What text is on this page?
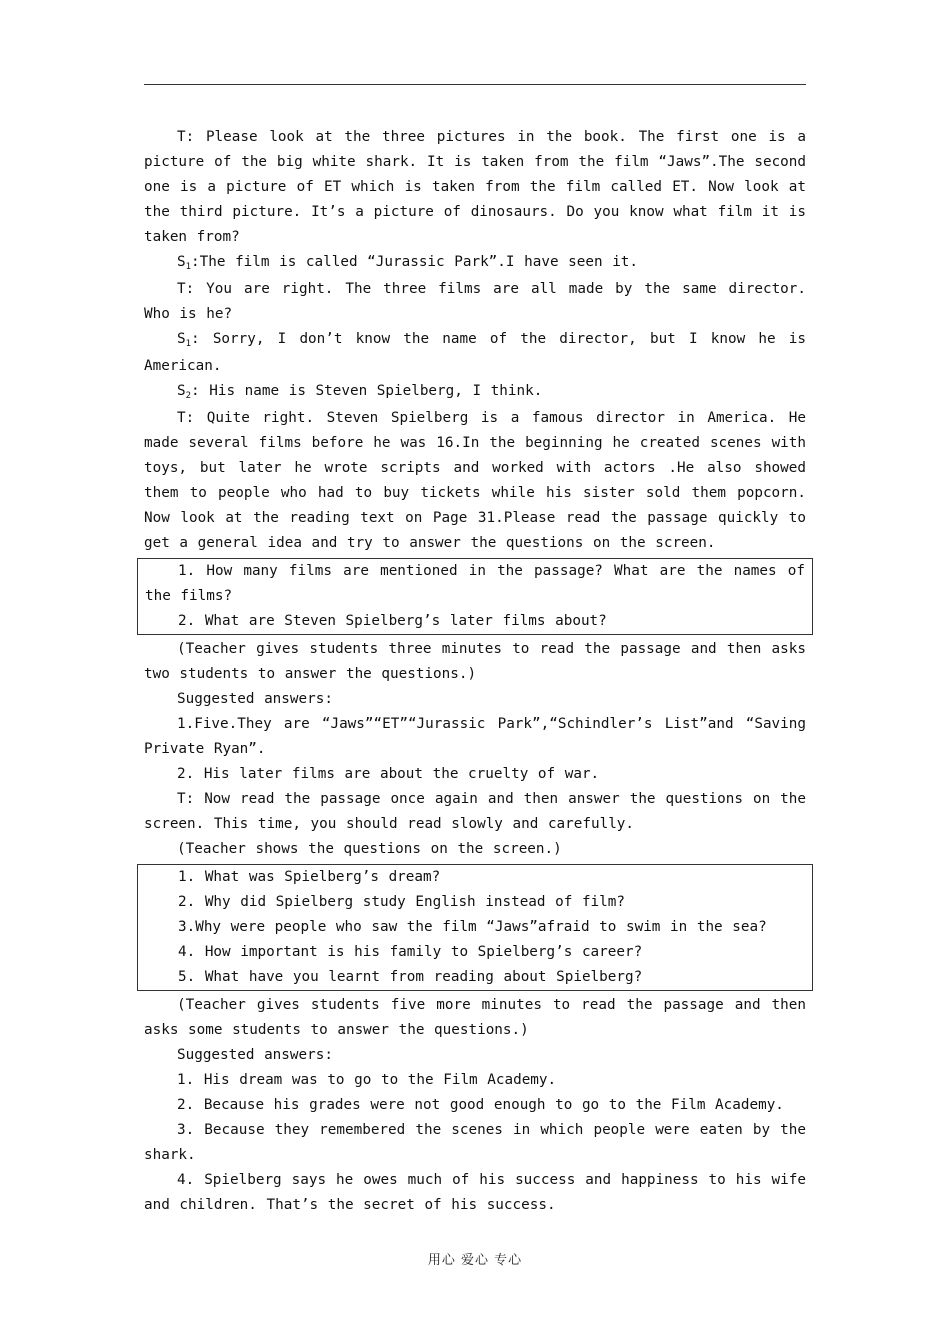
T: Please look at the three pictures in the book. The first one is a picture of the big white shark. It is taken from the film “Jaws”.The second one is a picture of ET which is taken from the film called ET. Now look at the third picture. It’s a picture of dinosaurs. Do you know what film it is taken from?

$S_1:The$ film is called “Jurassic Park”.I have seen it.

T: You are right. The three films are all made by the same director. Who is he?

$S_1$: Sorry, I don’t know the name of the director, but I know he is American.

$S_2$: His name is Steven Spielberg, I think.

T: Quite right. Steven Spielberg is a famous director in America. He made several films before he was 16.In the beginning he created scenes with toys, but later he wrote scripts and worked with actors .He also showed them to people who had to buy tickets while his sister sold them popcorn. Now look at the reading text on Page 31.Please read the passage quickly to get a general idea and try to answer the questions on the screen.

1. How many films are mentioned in the passage? What are the names of the films?

2. What are Steven Spielberg’s later films about?

(Teacher gives students three minutes to read the passage and then asks two students to answer the questions.)

Suggested answers:

1.Five.They are “Jaws”“ET”“Jurassic Park”,“Schindler’s List”and “Saving Private Ryan”.

2. His later films are about the cruelty of war.

T: Now read the passage once again and then answer the questions on the screen. This time, you should read slowly and carefully.

(Teacher shows the questions on the screen.)

1. What was Spielberg’s dream?

2. Why did Spielberg study English instead of film?

3.Why were people who saw the film “Jaws”afraid to swim in the sea?

4. How important is his family to Spielberg’s career?

5. What have you learnt from reading about Spielberg?

(Teacher gives students five more minutes to read the passage and then asks some students to answer the questions.)

Suggested answers:

1. His dream was to go to the Film Academy.

2. Because his grades were not good enough to go to the Film Academy.

3. Because they remembered the scenes in which people were eaten by the shark.

4. Spielberg says he owes much of his success and happiness to his wife and children. That’s the secret of his success.

用心 爱心 专心
